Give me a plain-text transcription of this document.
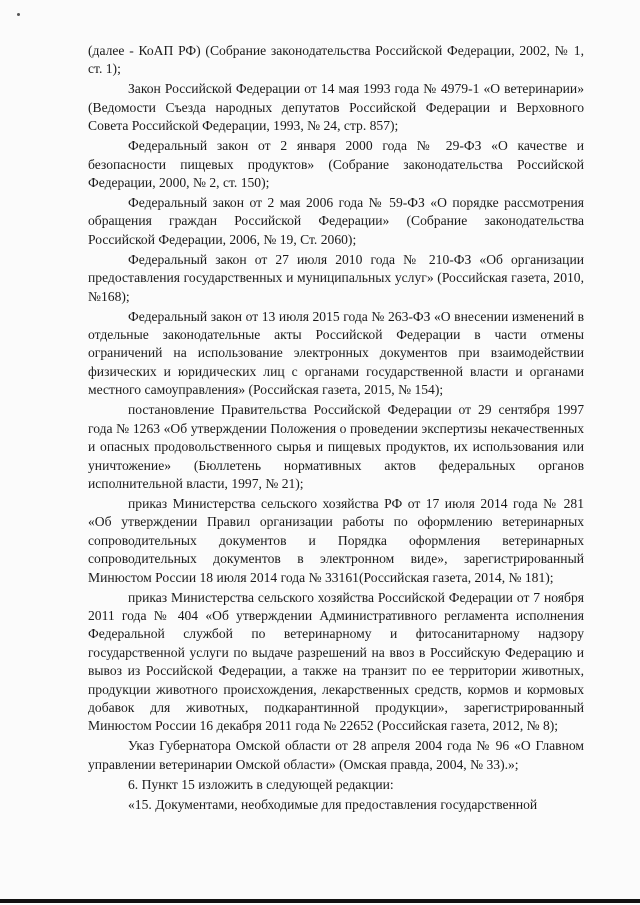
(далее - КоАП РФ) (Собрание законодательства Российской Федерации, 2002, № 1, ст. 1);

Закон Российской Федерации от 14 мая 1993 года № 4979-1 «О ветеринарии» (Ведомости Съезда народных депутатов Российской Федерации и Верховного Совета Российской Федерации, 1993, № 24, стр. 857);

Федеральный закон от 2 января 2000 года № 29-ФЗ «О качестве и безопасности пищевых продуктов» (Собрание законодательства Российской Федерации, 2000, № 2, ст. 150);

Федеральный закон от 2 мая 2006 года № 59-ФЗ «О порядке рассмотрения обращения граждан Российской Федерации» (Собрание законодательства Российской Федерации, 2006, № 19, Ст. 2060);

Федеральный закон от 27 июля 2010 года № 210-ФЗ «Об организации предоставления государственных и муниципальных услуг» (Российская газета, 2010, №168);

Федеральный закон от 13 июля 2015 года № 263-ФЗ «О внесении изменений в отдельные законодательные акты Российской Федерации в части отмены ограничений на использование электронных документов при взаимодействии физических и юридических лиц с органами государственной власти и органами местного самоуправления» (Российская газета, 2015, № 154);

постановление Правительства Российской Федерации от 29 сентября 1997 года № 1263 «Об утверждении Положения о проведении экспертизы некачественных и опасных продовольственного сырья и пищевых продуктов, их использования или уничтожение» (Бюллетень нормативных актов федеральных органов исполнительной власти, 1997, № 21);

приказ Министерства сельского хозяйства РФ от 17 июля 2014 года № 281 «Об утверждении Правил организации работы по оформлению ветеринарных сопроводительных документов и Порядка оформления ветеринарных сопроводительных документов в электронном виде», зарегистрированный Минюстом России 18 июля 2014 года № 33161(Российская газета, 2014, № 181);

приказ Министерства сельского хозяйства Российской Федерации от 7 ноября 2011 года № 404 «Об утверждении Административного регламента исполнения Федеральной службой по ветеринарному и фитосанитарному надзору государственной услуги по выдаче разрешений на ввоз в Российскую Федерацию и вывоз из Российской Федерации, а также на транзит по ее территории животных, продукции животного происхождения, лекарственных средств, кормов и кормовых добавок для животных, подкарантинной продукции», зарегистрированный Минюстом России 16 декабря 2011 года № 22652 (Российская газета, 2012, № 8);

Указ Губернатора Омской области от 28 апреля 2004 года № 96 «О Главном управлении ветеринарии Омской области» (Омская правда, 2004, № 33).»;

6. Пункт 15 изложить в следующей редакции:

«15. Документами, необходимые для предоставления государственной
